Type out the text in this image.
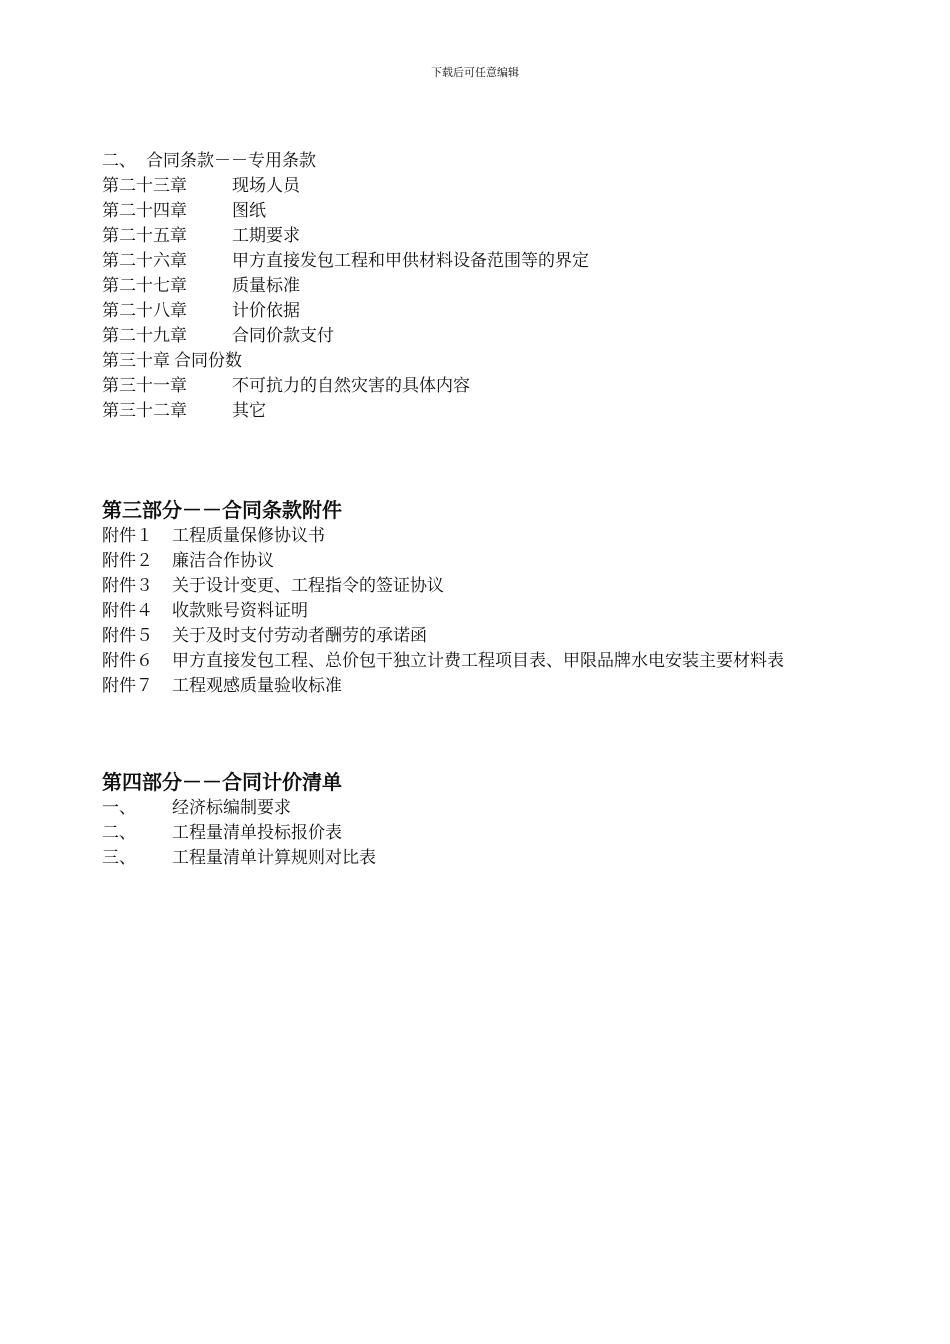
下载后可任意编辑
二、 合同条款－－专用条款
第二十三章	现场人员
第二十四章	图纸
第二十五章	工期要求
第二十六章	甲方直接发包工程和甲供材料设备范围等的界定
第二十七章	质量标准
第二十八章	计价依据
第二十九章	合同价款支付
第三十章 合同份数
第三十一章	不可抗力的自然灾害的具体内容
第三十二章	其它
第三部分－－合同条款附件
附件１	工程质量保修协议书
附件２	廉洁合作协议
附件３	关于设计变更、工程指令的签证协议
附件４	收款账号资料证明
附件５	关于及时支付劳动者酬劳的承诺函
附件６	甲方直接发包工程、总价包干独立计费工程项目表、甲限品牌水电安装主要材料表
附件７	工程观感质量验收标准
第四部分－－合同计价清单
一、	经济标编制要求
二、	工程量清单投标报价表
三、	工程量清单计算规则对比表
